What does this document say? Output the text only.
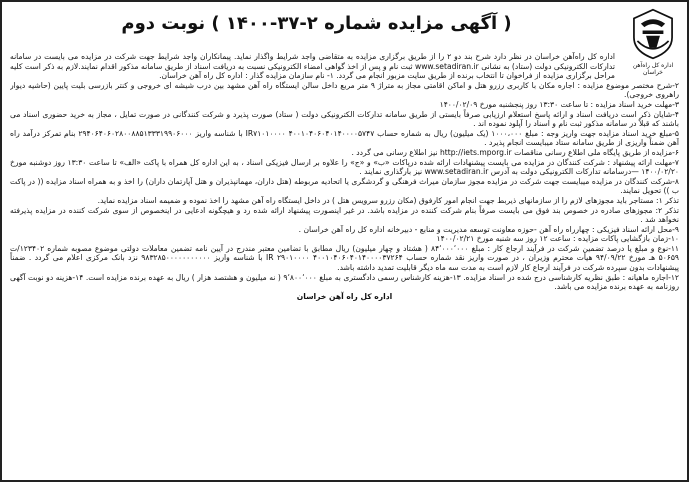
اداره کل راه‌آهن خراسان
( آگهی مزایده شماره ۲-۳۷-۱۴۰۰ ) نوبت دوم

اداره کل راه‌آهن خراسان در نظر دارد شرح بند دو ۲ را از طریق برگزاری مزایده به متقاضی واجد شرایط واگذار نماید. پیمانکاران واجد شرایط جهت شرکت در مزایده می بایست در سامانه تدارکات الکترونیکی دولت (ستاد) به نشانی www.setadiran.ir ثبت نام و پس از اخذ گواهی امضاء الکترونیکی نسبت به دریافت اسناد از طریق سامانه مذکور اقدام نمایند.لازم به ذکر است کلیه مراحل برگزاری مزایده از فراخوان تا انتخاب برنده از طریق سایت مزبور انجام می گردد. ۱- نام سازمان مزایده گذار : اداره کل راه آهن خراسان.

۲-شرح مختصر موضوع مزایده : اجاره مکان با کاربری رزرو هتل و اماکن اقامتی مجاز به متراژ ۹ متر مربع داخل سالن ایستگاه راه آهن مشهد بین درب شیشه ای خروجی و کنتر بازرسی بلیت پایین (حاشیه دیوار راهروی خروجی).

۳-مهلت خرید اسناد مزایده : تا ساعت ۱۳:۳۰ روز پنجشنبه مورخ ۱۴۰۰/۰۲/۰۹

۴-شایان ذکر است دریافت اسناد و ارائه پاسخ استعلام ارزیابی صرفاً بایستی از طریق سامانه تدارکات الکترونیکی دولت ( ستاد) صورت پذیرد و شرکت کنندگانی در صورت تمایل ، مجاز به خرید حضوری اسناد می باشند که قبلاً در سامانه مذکور ثبت نام و اسناد را آپلود نموده اند .

۵-مبلغ خرید اسناد مزایده جهت واریز وجه : مبلغ ۱۰۰۰،۰۰۰ (یک میلیون) ریال به شماره حساب ۴۰۰۱۰۴۰۶۰۴۰۱۴۰۰۰۰۵۷۴۷ IR۷۱۰۱۰۰۰۰ با شناسه واریز ۲۹۴۰۶۴۰۶۰۲۸۰۰۸۸۵۱۳۳۳۱۹۹۰۶۰۰۰ بنام تمرکز درآمد راه آهن ضمناً واریزی از طریق سامانه ستاد میبایست انجام پذیرد .

۶-مزایده از طریق پایگاه ملی اطلاع رسانی مناقصات http://iets.mporg.ir نیز اطلاع رسانی می گردد .

۷-مهلت ارائه پیشنهاد : شرکت کنندگان در مزایده می بایست پیشنهادات ارائه شده درپاکات «ب» و «ج» را علاوه بر ارسال فیزیکی اسناد ، به این اداره کل همراه با پاکت «الف» تا ساعت ۱۳:۳۰ روز دوشنبه مورخ ۱۴۰۰/۰۲/۲۰ —درسامانه تدارکات الکترونیکی دولت به آدرس www.setadiran.ir نیز بارگذاری نمایند .

۸-شرکت کنندگان در مزایده میبایست جهت شرکت در مزایده مجوز سازمان میراث فرهنگی و گردشگری یا اتحادیه مربوطه (هتل داران، مهمانپذیران و هتل آپارتمان داران) را اخذ و به همراه اسناد مزایده (( در پاکت ب )) تحویل نمایند.

تذکر ۱: مستاجر باید مجوزهای لازم را از سازمانهای ذیربط جهت انجام امور کارفوق (مکان رزرو سرویس هتل ) در داخل ایستگاه راه آهن مشهد را اخذ نموده و ضمیمه اسناد مزایده نماید.

تذکر ۲: مجوزهای صادره در خصوص بند فوق می بایست صرفاً بنام شرکت کننده در مزایده باشد. در غیر اینصورت پیشنهاد ارائه شده رد و هیچگونه ادعایی در اینخصوص از سوی شرکت کننده در مزایده پذیرفته نخواهد شد .

۹-محل ارائه اسناد فیزیکی : چهارراه راه آهن -حوزه معاونت توسعه مدیریت و منابع - دبیرخانه اداره کل راه آهن خراسان .

۱۰-زمان بازگشایی پاکات مزایده : ساعت ۱۲ روز سه شنبه مورخ ۱۴۰۰/۰۲/۲۱

۱۱-نوع و مبلغ یا درصد تضمین شرکت در فرآیند ارجاع کار : مبلغ ۸۴٬۰۰۰٬۰۰۰ ( هشتاد و چهار میلیون) ریال مطابق با تضامین معتبر مندرج در آیین نامه تضمین معاملات دولتی موضوع مصوبه شماره ۱۲۳۴۰۲/ت ۵۰۶۵۹ هـ مورخ ۹۴/۰۹/۲۲ هیأت محترم وزیران ، در صورت واریز نقد شماره حساب ۴۰۰۱۰۴۰۶۰۴۰۱۴۰۰۰۰۳۷۲۶۴ IR ۲۹۰۱۰۰۰۰ با شناسه واریز ۹۸۳۲۸۵۰۰۰۰۰۰۰۰۰۰۰ نزد بانک مرکزی اعلام می گردد . ضمناً پیشنهادات بدون سپرده شرکت در فرآیند ارجاع کار لازم است به مدت سه ماه دیگر قابلیت تمدید داشته باشد.

۱۲-اجاره ماهیانه : طبق نظریه کارشناسی درج شده در اسناد مزایده. ۱۳-هزینه کارشناس رسمی دادگستری به مبلغ ۹٬۸۰۰٬۰۰۰ ( نه میلیون و هشتصد هزار ) ریال به عهده برنده مزایده است. ۱۴-هزینه دو نوبت آگهی روزنامه به عهده برنده مزایده می باشد.

اداره کل راه آهن خراسان
